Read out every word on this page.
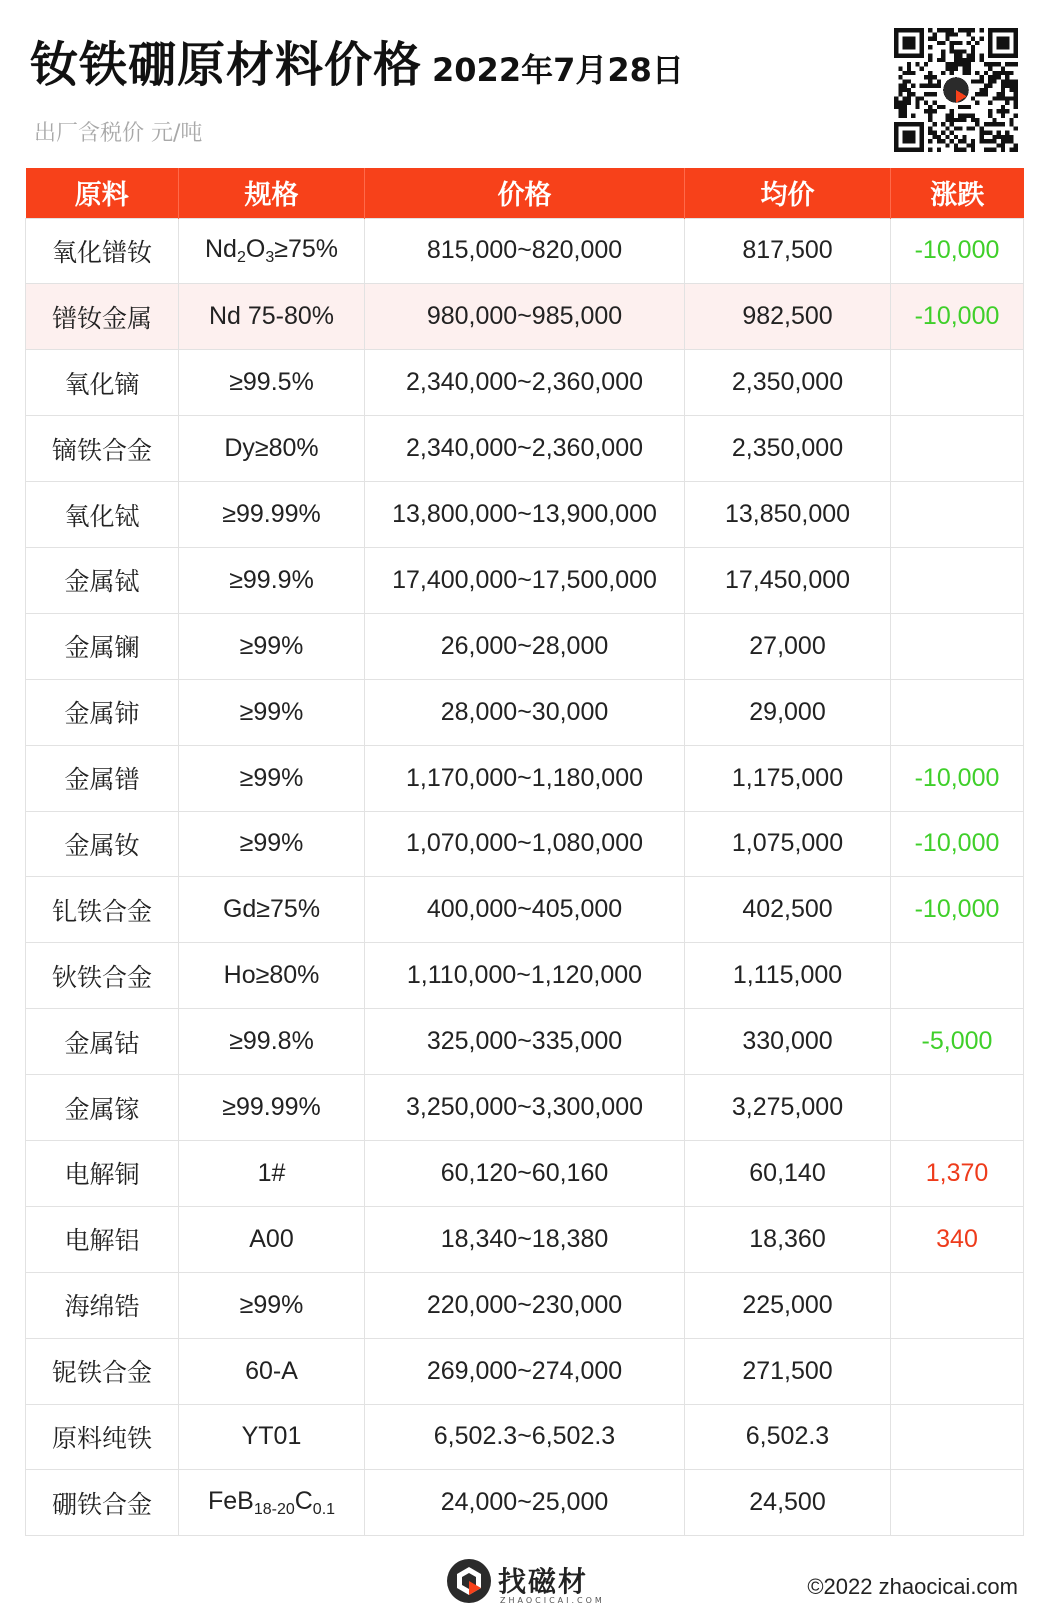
钕铁硼原材料价格 2022年7月28日
出厂含税价 元/吨
原料	规格	价格	均价	涨跌
氧化镨钕	$Nd_2O_3\ge 75\%$	815,000~820,000	817,500	-10,000
镨钕金属	Nd 75-80%	980,000~985,000	982,500	-10,000
氧化镝	≥99.5%	2,340,000~2,360,000	2,350,000	
镝铁合金	Dy≥80%	2,340,000~2,360,000	2,350,000	
氧化铽	≥99.99%	13,800,000~13,900,000	13,850,000	
金属铽	≥99.9%	17,400,000~17,500,000	17,450,000	
金属镧	≥99%	26,000~28,000	27,000	
金属铈	≥99%	28,000~30,000	29,000	
金属镨	≥99%	1,170,000~1,180,000	1,175,000	-10,000
金属钕	≥99%	1,070,000~1,080,000	1,075,000	-10,000
钆铁合金	Gd≥75%	400,000~405,000	402,500	-10,000
钬铁合金	Ho≥80%	1,110,000~1,120,000	1,115,000	
金属钴	≥99.8%	325,000~335,000	330,000	-5,000
金属镓	≥99.99%	3,250,000~3,300,000	3,275,000	
电解铜	1#	60,120~60,160	60,140	1,370
电解铝	A00	18,340~18,380	18,360	340
海绵锆	≥99%	220,000~230,000	225,000	
铌铁合金	60-A	269,000~274,000	271,500	
原料纯铁	YT01	6,502.3~6,502.3	6,502.3	
硼铁合金	$FeB_{18-20}C_{0.1}$	24,000~25,000	24,500	
找磁材
ZHAOCICAI.COM
©2022 zhaocicai.com
